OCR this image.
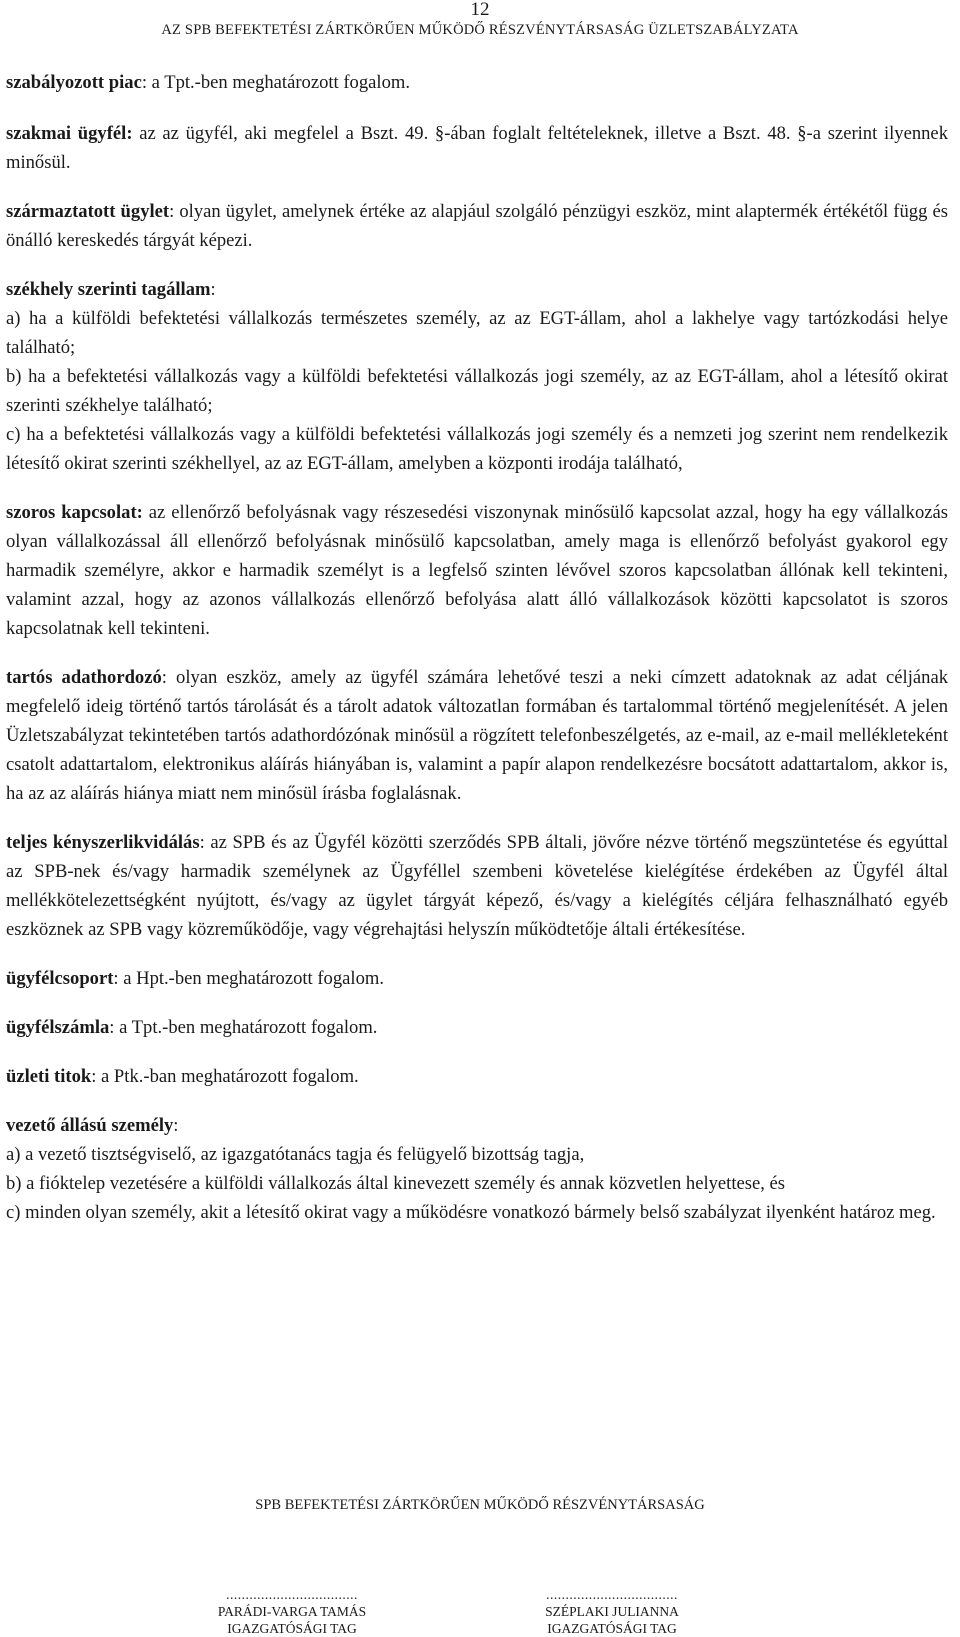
12
AZ SPB BEFEKTETÉSI ZÁRTKÖRŰEN MŰKÖDŐ RÉSZVÉNYTÁRSASÁG ÜZLETSZABÁLYZATA

szabályozott piac: a Tpt.-ben meghatározott fogalom.

szakmai ügyfél: az az ügyfél, aki megfelel a Bszt. 49. §-ában foglalt feltételeknek, illetve a Bszt. 48. §-a szerint ilyennek minősül.

származtatott ügylet: olyan ügylet, amelynek értéke az alapjául szolgáló pénzügyi eszköz, mint alaptermék értékétől függ és önálló kereskedés tárgyát képezi.

székhely szerinti tagállam:
a) ha a külföldi befektetési vállalkozás természetes személy, az az EGT-állam, ahol a lakhelye vagy tartózkodási helye található;
b) ha a befektetési vállalkozás vagy a külföldi befektetési vállalkozás jogi személy, az az EGT-állam, ahol a létesítő okirat szerinti székhelye található;
c) ha a befektetési vállalkozás vagy a külföldi befektetési vállalkozás jogi személy és a nemzeti jog szerint nem rendelkezik létesítő okirat szerinti székhellyel, az az EGT-állam, amelyben a központi irodája található,

szoros kapcsolat: az ellenőrző befolyásnak vagy részesedési viszonynak minősülő kapcsolat azzal, hogy ha egy vállalkozás olyan vállalkozással áll ellenőrző befolyásnak minősülő kapcsolatban, amely maga is ellenőrző befolyást gyakorol egy harmadik személyre, akkor e harmadik személyt is a legfelső szinten lévővel szoros kapcsolatban állónak kell tekinteni, valamint azzal, hogy az azonos vállalkozás ellenőrző befolyása alatt álló vállalkozások közötti kapcsolatot is szoros kapcsolatnak kell tekinteni.

tartós adathordozó: olyan eszköz, amely az ügyfél számára lehetővé teszi a neki címzett adatoknak az adat céljának megfelelő ideig történő tartós tárolását és a tárolt adatok változatlan formában és tartalommal történő megjelenítését. A jelen Üzletszabályzat tekintetében tartós adathordózónak minősül a rögzített telefonbeszélgetés, az e-mail, az e-mail mellékleteként csatolt adattartalom, elektronikus aláírás hiányában is, valamint a papír alapon rendelkezésre bocsátott adattartalom, akkor is, ha az az aláírás hiánya miatt nem minősül írásba foglalásnak.

teljes kényszerlikvidálás: az SPB és az Ügyfél közötti szerződés SPB általi, jövőre nézve történő megszüntetése és egyúttal az SPB-nek és/vagy harmadik személynek az Ügyféllel szembeni követelése kielégítése érdekében az Ügyfél által mellékkötelezettségként nyújtott, és/vagy az ügylet tárgyát képező, és/vagy a kielégítés céljára felhasználható egyéb eszköznek az SPB vagy közreműködője, vagy végrehajtási helyszín működtetője általi értékesítése.

ügyfélcsoport: a Hpt.-ben meghatározott fogalom.

ügyfélszámla: a Tpt.-ben meghatározott fogalom.

üzleti titok: a Ptk.-ban meghatározott fogalom.

vezető állású személy:
a) a vezető tisztségviselő, az igazgatótanács tagja és felügyelő bizottság tagja,
b) a fióktelep vezetésére a külföldi vállalkozás által kinevezett személy és annak közvetlen helyettese, és
c) minden olyan személy, akit a létesítő okirat vagy a működésre vonatkozó bármely belső szabályzat ilyenként határoz meg.
SPB BEFEKTETÉSI ZÁRTKÖRŰEN MŰKÖDŐ RÉSZVÉNYTÁRSASÁG
..................................
PARÁDI-VARGA TAMÁS
IGAZGATÓSÁGI TAG
..................................
SZÉPLAKI JULIANNA
IGAZGATÓSÁGI TAG
